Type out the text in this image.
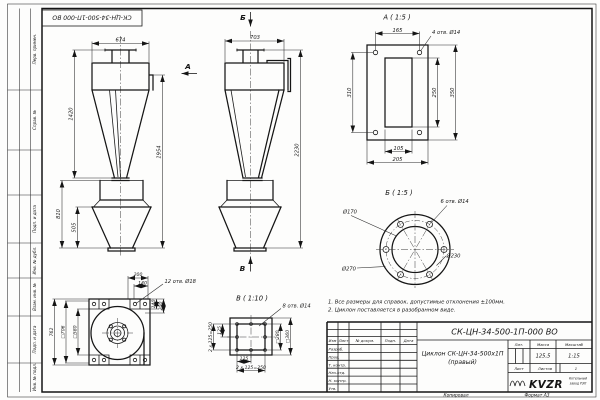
Перв. примен.
Справ. №
Подп. и дата
Инв. № дубл.
Взам. инв. №
Подп. и дата
Инв. № подл.
СК-ЦН-34-500-1П-000 ВО
Копировал	Формат А3
674
1420
1954
810
505
А
703
2230
Б
В
762 □706 □580
200
140
140 200
12 отв. Ø18
А ( 1:5 )
165	4 отв. Ø14
310	250 350
105
205
Б ( 1:5 )
Ø170
6 отв. Ø14
Ø230
Ø270
В ( 1:10 )
125
2 х 125=250	□280 □360
125
2 х 125=250
8 отв. Ø14
1. Все размеры для справок, допустимые отклонения ±100мм.
2. Циклон поставляется в разобранном виде.
Изм Лист № докум.	Подп. Дата
Разраб.
Пров.
Т. контр.
Нач.отд.
Н. контр.
Утв.
СК-ЦН-34-500-1П-000 ВО
Циклон СК-ЦН-34-500х1П
(правый)
Лит.	Масса	Масштаб
125,5	1:15
Лист	Листов	1
KVZR
Котельный
завод РЭП
